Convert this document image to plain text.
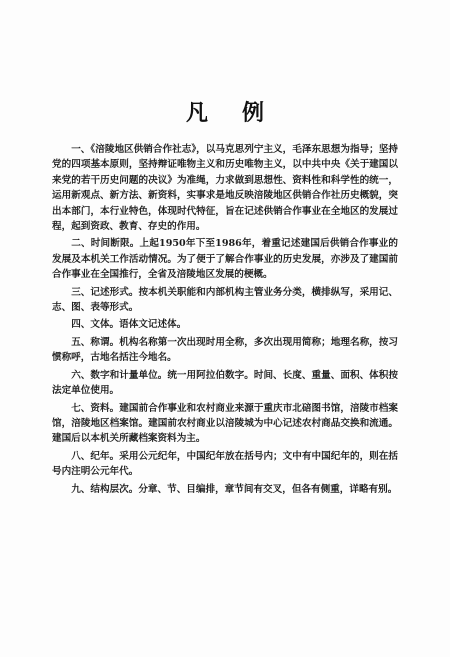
凡例

一、《涪陵地区供销合作社志》，以马克思列宁主义，毛泽东思想为指导；坚持党的四项基本原则，坚持辩证唯物主义和历史唯物主义，以中共中央《关于建国以来党的若干历史问题的决议》为准绳，力求做到思想性、资料性和科学性的统一，运用新观点、新方法、新资料，实事求是地反映涪陵地区供销合作社历史概貌，突出本部门，本行业特色，体现时代特征，旨在记述供销合作事业在全地区的发展过程，起到资政、教育、存史的作用。

二、时间断限。上起1950年下至1986年，着重记述建国后供销合作事业的发展及本机关工作活动情况。为了便于了解合作事业的历史发展，亦涉及了建国前合作事业在全国推行，全省及涪陵地区发展的梗概。

三、记述形式。按本机关职能和内部机构主管业务分类，横排纵写，采用记、志、图、表等形式。

四、文体。语体文记述体。

五、称谓。机构名称第一次出现时用全称，多次出现用简称；地理名称，按习惯称呼，古地名括注今地名。

六、数字和计量单位。统一用阿拉伯数字。时间、长度、重量、面积、体积按法定单位使用。

七、资料。建国前合作事业和农村商业来源于重庆市北碚图书馆，涪陵市档案馆，涪陵地区档案馆。建国前农村商业以涪陵城为中心记述农村商品交换和流通。建国后以本机关所藏档案资料为主。

八、纪年。采用公元纪年，中国纪年放在括号内；文中有中国纪年的，则在括号内注明公元年代。

九、结构层次。分章、节、目编排，章节间有交叉，但各有侧重，详略有别。
